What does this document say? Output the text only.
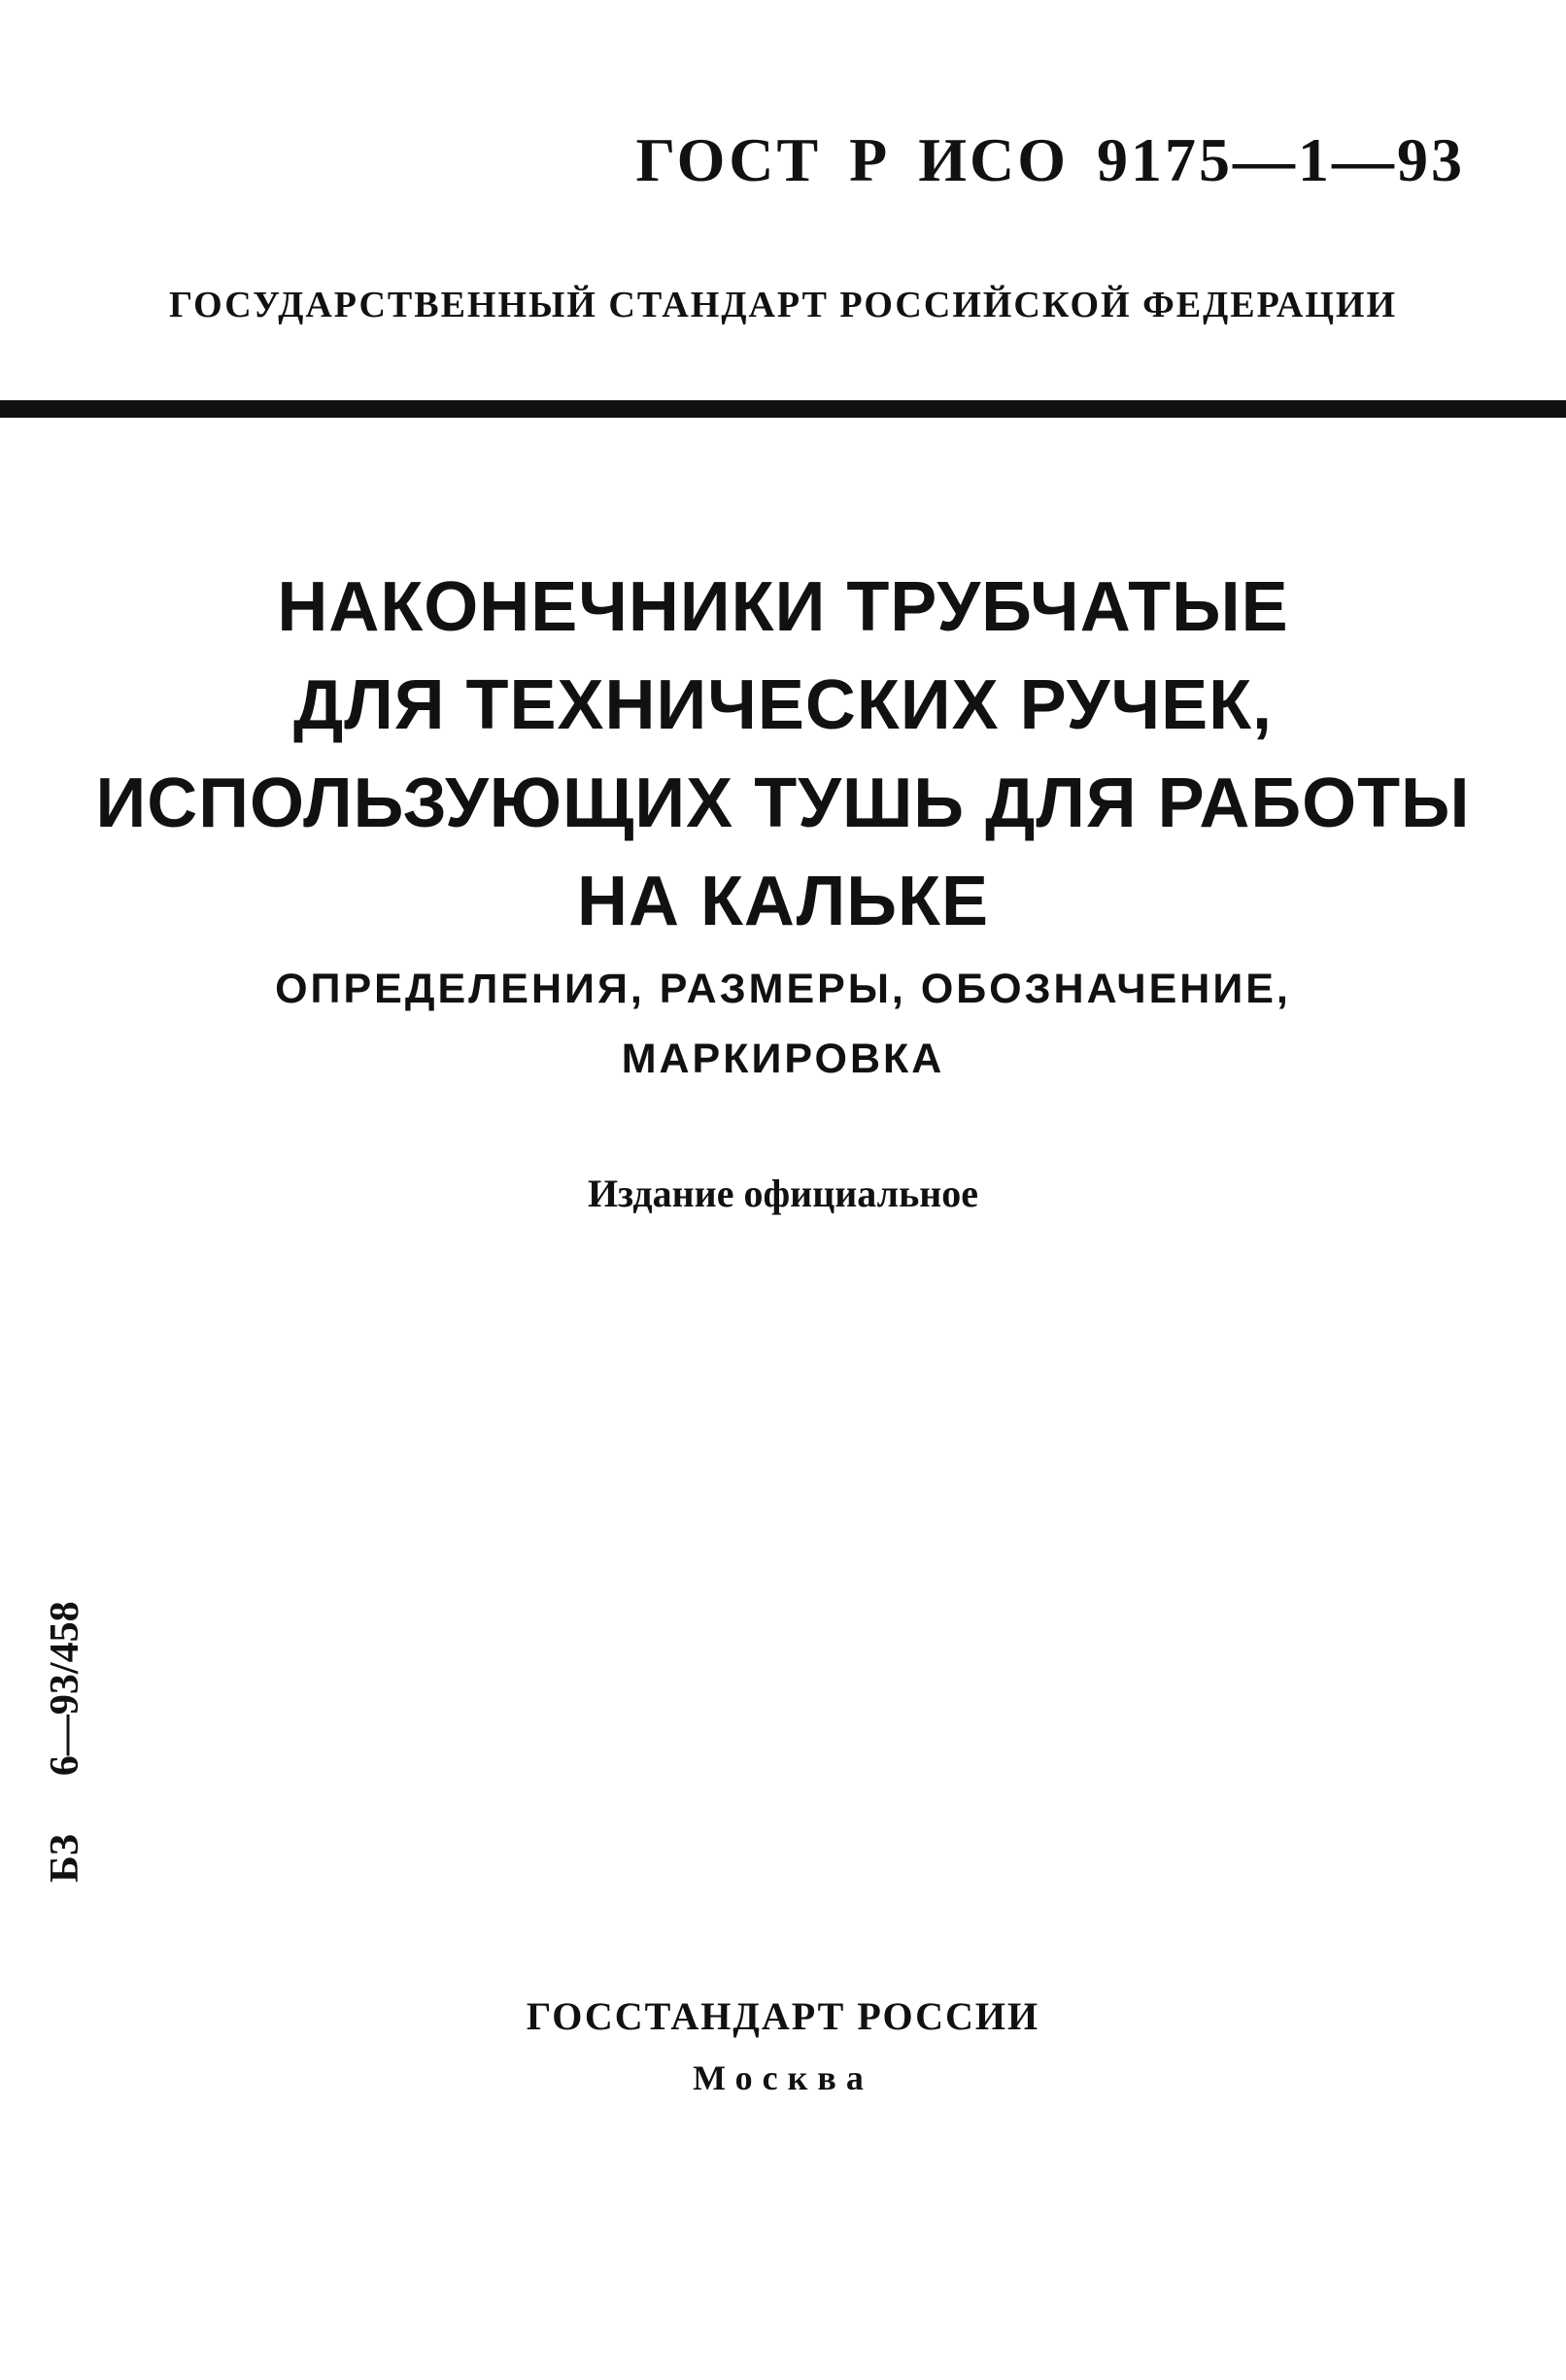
ГОСТ Р ИСО 9175—1—93
ГОСУДАРСТВЕННЫЙ СТАНДАРТ РОССИЙСКОЙ ФЕДЕРАЦИИ
НАКОНЕЧНИКИ ТРУБЧАТЫЕ
ДЛЯ ТЕХНИЧЕСКИХ РУЧЕК,
ИСПОЛЬЗУЮЩИХ ТУШЬ ДЛЯ РАБОТЫ
НА КАЛЬКЕ
ОПРЕДЕЛЕНИЯ, РАЗМЕРЫ, ОБОЗНАЧЕНИЕ,
МАРКИРОВКА
Издание официальное
БЗ6—93/458
ГОССТАНДАРТ РОССИИ
Москва
